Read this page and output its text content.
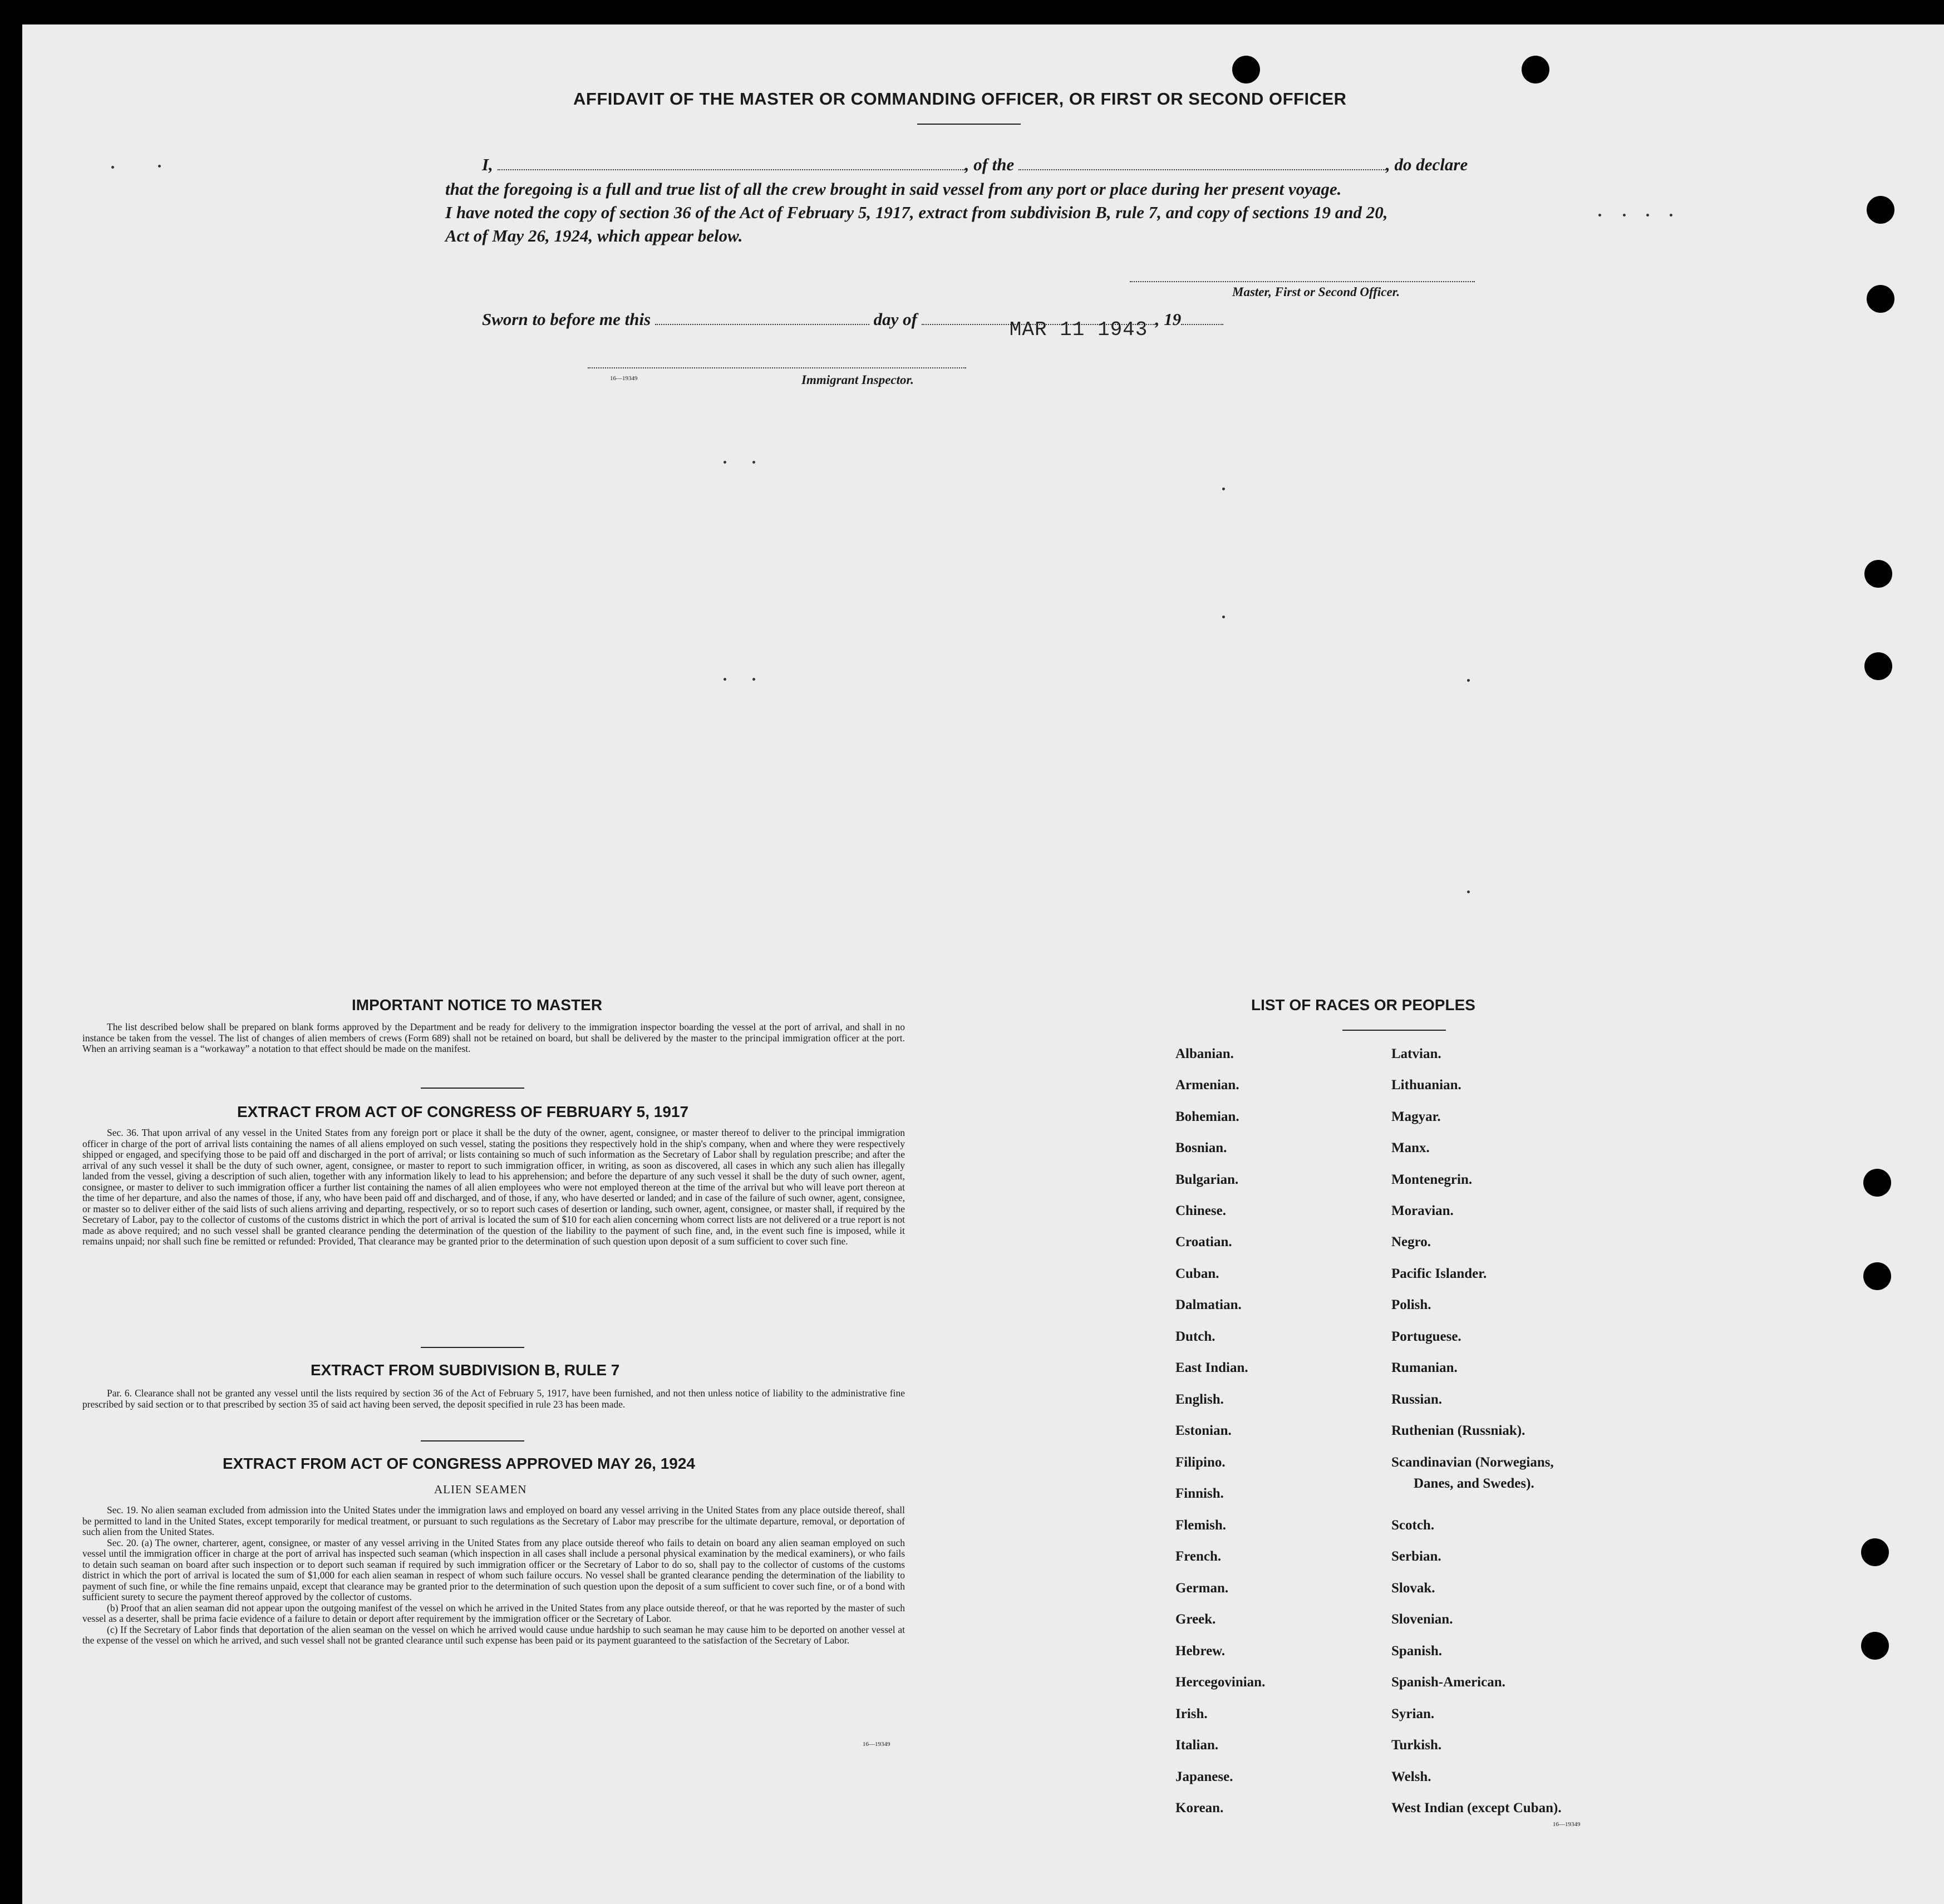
AFFIDAVIT OF THE MASTER OR COMMANDING OFFICER, OR FIRST OR SECOND OFFICER
I,	, of the	, do declare
that the foregoing is a full and true list of all the crew brought in said vessel from any port or place during her present voyage.
I have noted the copy of section 36 of the Act of February 5, 1917, extract from subdivision B, rule 7, and copy of sections 19 and 20,
Act of May 26, 1924, which appear below.
Master, First or Second Officer.
Sworn to before me this	day of	MAR 11 1943 , 19
16—19349	Immigrant Inspector.
IMPORTANT NOTICE TO MASTER

The list described below shall be prepared on blank forms approved by the Department and be ready for delivery to the immigration inspector boarding the vessel at the port of arrival, and shall in no instance be taken from the vessel. The list of changes of alien members of crews (Form 689) shall not be retained on board, but shall be delivered by the master to the principal immigration officer at the port. When an arriving seaman is a “workaway” a notation to that effect should be made on the manifest.

EXTRACT FROM ACT OF CONGRESS OF FEBRUARY 5, 1917

Sec. 36. That upon arrival of any vessel in the United States from any foreign port or place it shall be the duty of the owner, agent, consignee, or master thereof to deliver to the principal immigration officer in charge of the port of arrival lists containing the names of all aliens employed on such vessel, stating the positions they respectively hold in the ship's company, when and where they were respectively shipped or engaged, and specifying those to be paid off and discharged in the port of arrival; or lists containing so much of such information as the Secretary of Labor shall by regulation prescribe; and after the arrival of any such vessel it shall be the duty of such owner, agent, consignee, or master to report to such immigration officer, in writing, as soon as discovered, all cases in which any such alien has illegally landed from the vessel, giving a description of such alien, together with any information likely to lead to his apprehension; and before the departure of any such vessel it shall be the duty of such owner, agent, consignee, or master to deliver to such immigration officer a further list containing the names of all alien employees who were not employed thereon at the time of the arrival but who will leave port thereon at the time of her departure, and also the names of those, if any, who have been paid off and discharged, and of those, if any, who have deserted or landed; and in case of the failure of such owner, agent, consignee, or master so to deliver either of the said lists of such aliens arriving and departing, respectively, or so to report such cases of desertion or landing, such owner, agent, consignee, or master shall, if required by the Secretary of Labor, pay to the collector of customs of the customs district in which the port of arrival is located the sum of $10 for each alien concerning whom correct lists are not delivered or a true report is not made as above required; and no such vessel shall be granted clearance pending the determination of the question of the liability to the payment of such fine, and, in the event such fine is imposed, while it remains unpaid; nor shall such fine be remitted or refunded: Provided, That clearance may be granted prior to the determination of such question upon deposit of a sum sufficient to cover such fine.

EXTRACT FROM SUBDIVISION B, RULE 7

Par. 6. Clearance shall not be granted any vessel until the lists required by section 36 of the Act of February 5, 1917, have been furnished, and not then unless notice of liability to the administrative fine prescribed by said section or to that prescribed by section 35 of said act having been served, the deposit specified in rule 23 has been made.

EXTRACT FROM ACT OF CONGRESS APPROVED MAY 26, 1924
ALIEN SEAMEN

Sec. 19. No alien seaman excluded from admission into the United States under the immigration laws and employed on board any vessel arriving in the United States from any place outside thereof, shall be permitted to land in the United States, except temporarily for medical treatment, or pursuant to such regulations as the Secretary of Labor may prescribe for the ultimate departure, removal, or deportation of such alien from the United States.

Sec. 20. (a) The owner, charterer, agent, consignee, or master of any vessel arriving in the United States from any place outside thereof who fails to detain on board any alien seaman employed on such vessel until the immigration officer in charge at the port of arrival has inspected such seaman (which inspection in all cases shall include a personal physical examination by the medical examiners), or who fails to detain such seaman on board after such inspection or to deport such seaman if required by such immigration officer or the Secretary of Labor to do so, shall pay to the collector of customs of the customs district in which the port of arrival is located the sum of $1,000 for each alien seaman in respect of whom such failure occurs. No vessel shall be granted clearance pending the determination of the liability to payment of such fine, or while the fine remains unpaid, except that clearance may be granted prior to the determination of such question upon the deposit of a sum sufficient to cover such fine, or of a bond with sufficient surety to secure the payment thereof approved by the collector of customs.

(b) Proof that an alien seaman did not appear upon the outgoing manifest of the vessel on which he arrived in the United States from any place outside thereof, or that he was reported by the master of such vessel as a deserter, shall be prima facie evidence of a failure to detain or deport after requirement by the immigration officer or the Secretary of Labor.

(c) If the Secretary of Labor finds that deportation of the alien seaman on the vessel on which he arrived would cause undue hardship to such seaman he may cause him to be deported on another vessel at the expense of the vessel on which he arrived, and such vessel shall not be granted clearance until such expense has been paid or its payment guaranteed to the satisfaction of the Secretary of Labor.

16—19349
LIST OF RACES OR PEOPLES
Albanian.
Armenian.
Bohemian.
Bosnian.
Bulgarian.
Chinese.
Croatian.
Cuban.
Dalmatian.
Dutch.
East Indian.
English.
Estonian.
Filipino.
Finnish.
Flemish.
French.
German.
Greek.
Hebrew.
Hercegovinian.
Irish.
Italian.
Japanese.
Korean.
Latvian.
Lithuanian.
Magyar.
Manx.
Montenegrin.
Moravian.
Negro.
Pacific Islander.
Polish.
Portuguese.
Rumanian.
Russian.
Ruthenian (Russniak).
Scandinavian (Norwegians,
Danes, and Swedes).
Scotch.
Serbian.
Slovak.
Slovenian.
Spanish.
Spanish-American.
Syrian.
Turkish.
Welsh.
West Indian (except Cuban).
16—19349
